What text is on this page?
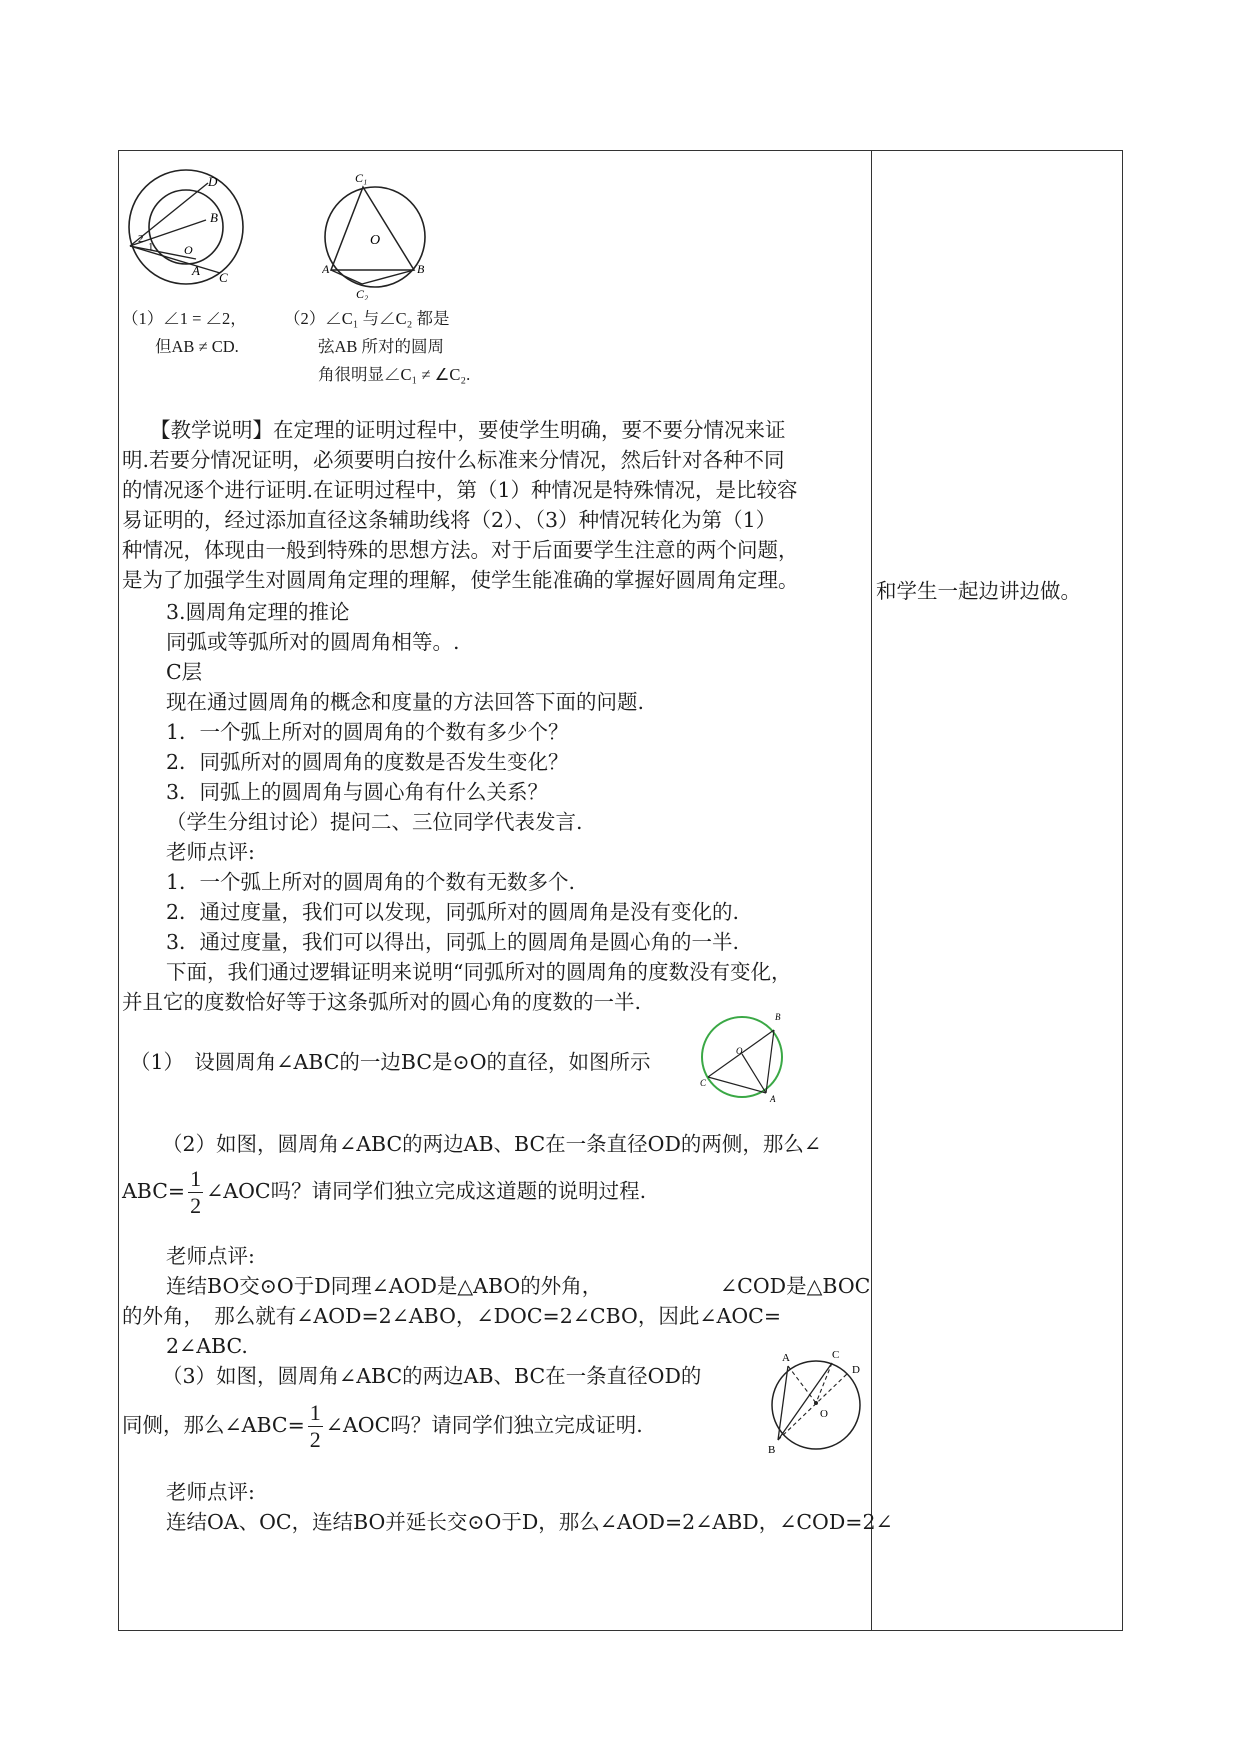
D
B
O
A C
1
2
（1）∠1 = ∠2，
但AB ≠ CD.
C₁
O
A	B
C₂
（2）∠C₁ 与∠C₂ 都是
弦AB 所对的圆周
角很明显∠C₁ ≠ ∠C₂.
【教学说明】在定理的证明过程中，要使学生明确，要不要分情况来证
明.若要分情况证明，必须要明白按什么标准来分情况，然后针对各种不同
的情况逐个进行证明.在证明过程中，第（1）种情况是特殊情况，是比较容
易证明的，经过添加直径这条辅助线将（2）、（3）种情况转化为第（1）
种情况，体现由一般到特殊的思想方法。对于后面要学生注意的两个问题，
是为了加强学生对圆周角定理的理解，使学生能准确的掌握好圆周角定理。
3.圆周角定理的推论
同弧或等弧所对的圆周角相等。.
C层
现在通过圆周角的概念和度量的方法回答下面的问题.
1．一个弧上所对的圆周角的个数有多少个？
2．同弧所对的圆周角的度数是否发生变化？
3．同弧上的圆周角与圆心角有什么关系？
（学生分组讨论）提问二、三位同学代表发言.
老师点评:
1．一个弧上所对的圆周角的个数有无数多个.
2．通过度量，我们可以发现，同弧所对的圆周角是没有变化的.
3．通过度量，我们可以得出，同弧上的圆周角是圆心角的一半.
下面，我们通过逻辑证明来说明“同弧所对的圆周角的度数没有变化，
并且它的度数恰好等于这条弧所对的圆心角的度数的一半.
（1）　设圆周角∠ABC的一边BC是⊙O的直径，如图所示
B
O
C
A
（2）如图，圆周角∠ABC的两边AB、BC在一条直径OD的两侧，那么∠
$ABC= \frac{1}{2}$ ∠AOC吗？请同学们独立完成这道题的说明过程.
老师点评:
连结BO交⊙O于D同理∠AOD是△ABO的外角，	∠COD是△BOC
的外角，　那么就有∠AOD=2∠ABO，∠DOC=2∠CBO，因此∠AOC=
2∠ABC.
（3）如图，圆周角∠ABC的两边AB、BC在一条直径OD的
同侧，那么∠ABC= $\frac{1}{2}$ ∠AOC吗？请同学们独立完成证明.
A	C
D
O
B
老师点评:
连结OA、OC，连结BO并延长交⊙O于D，那么∠AOD=2∠ABD，∠COD=2∠
和学生一起边讲边做。
